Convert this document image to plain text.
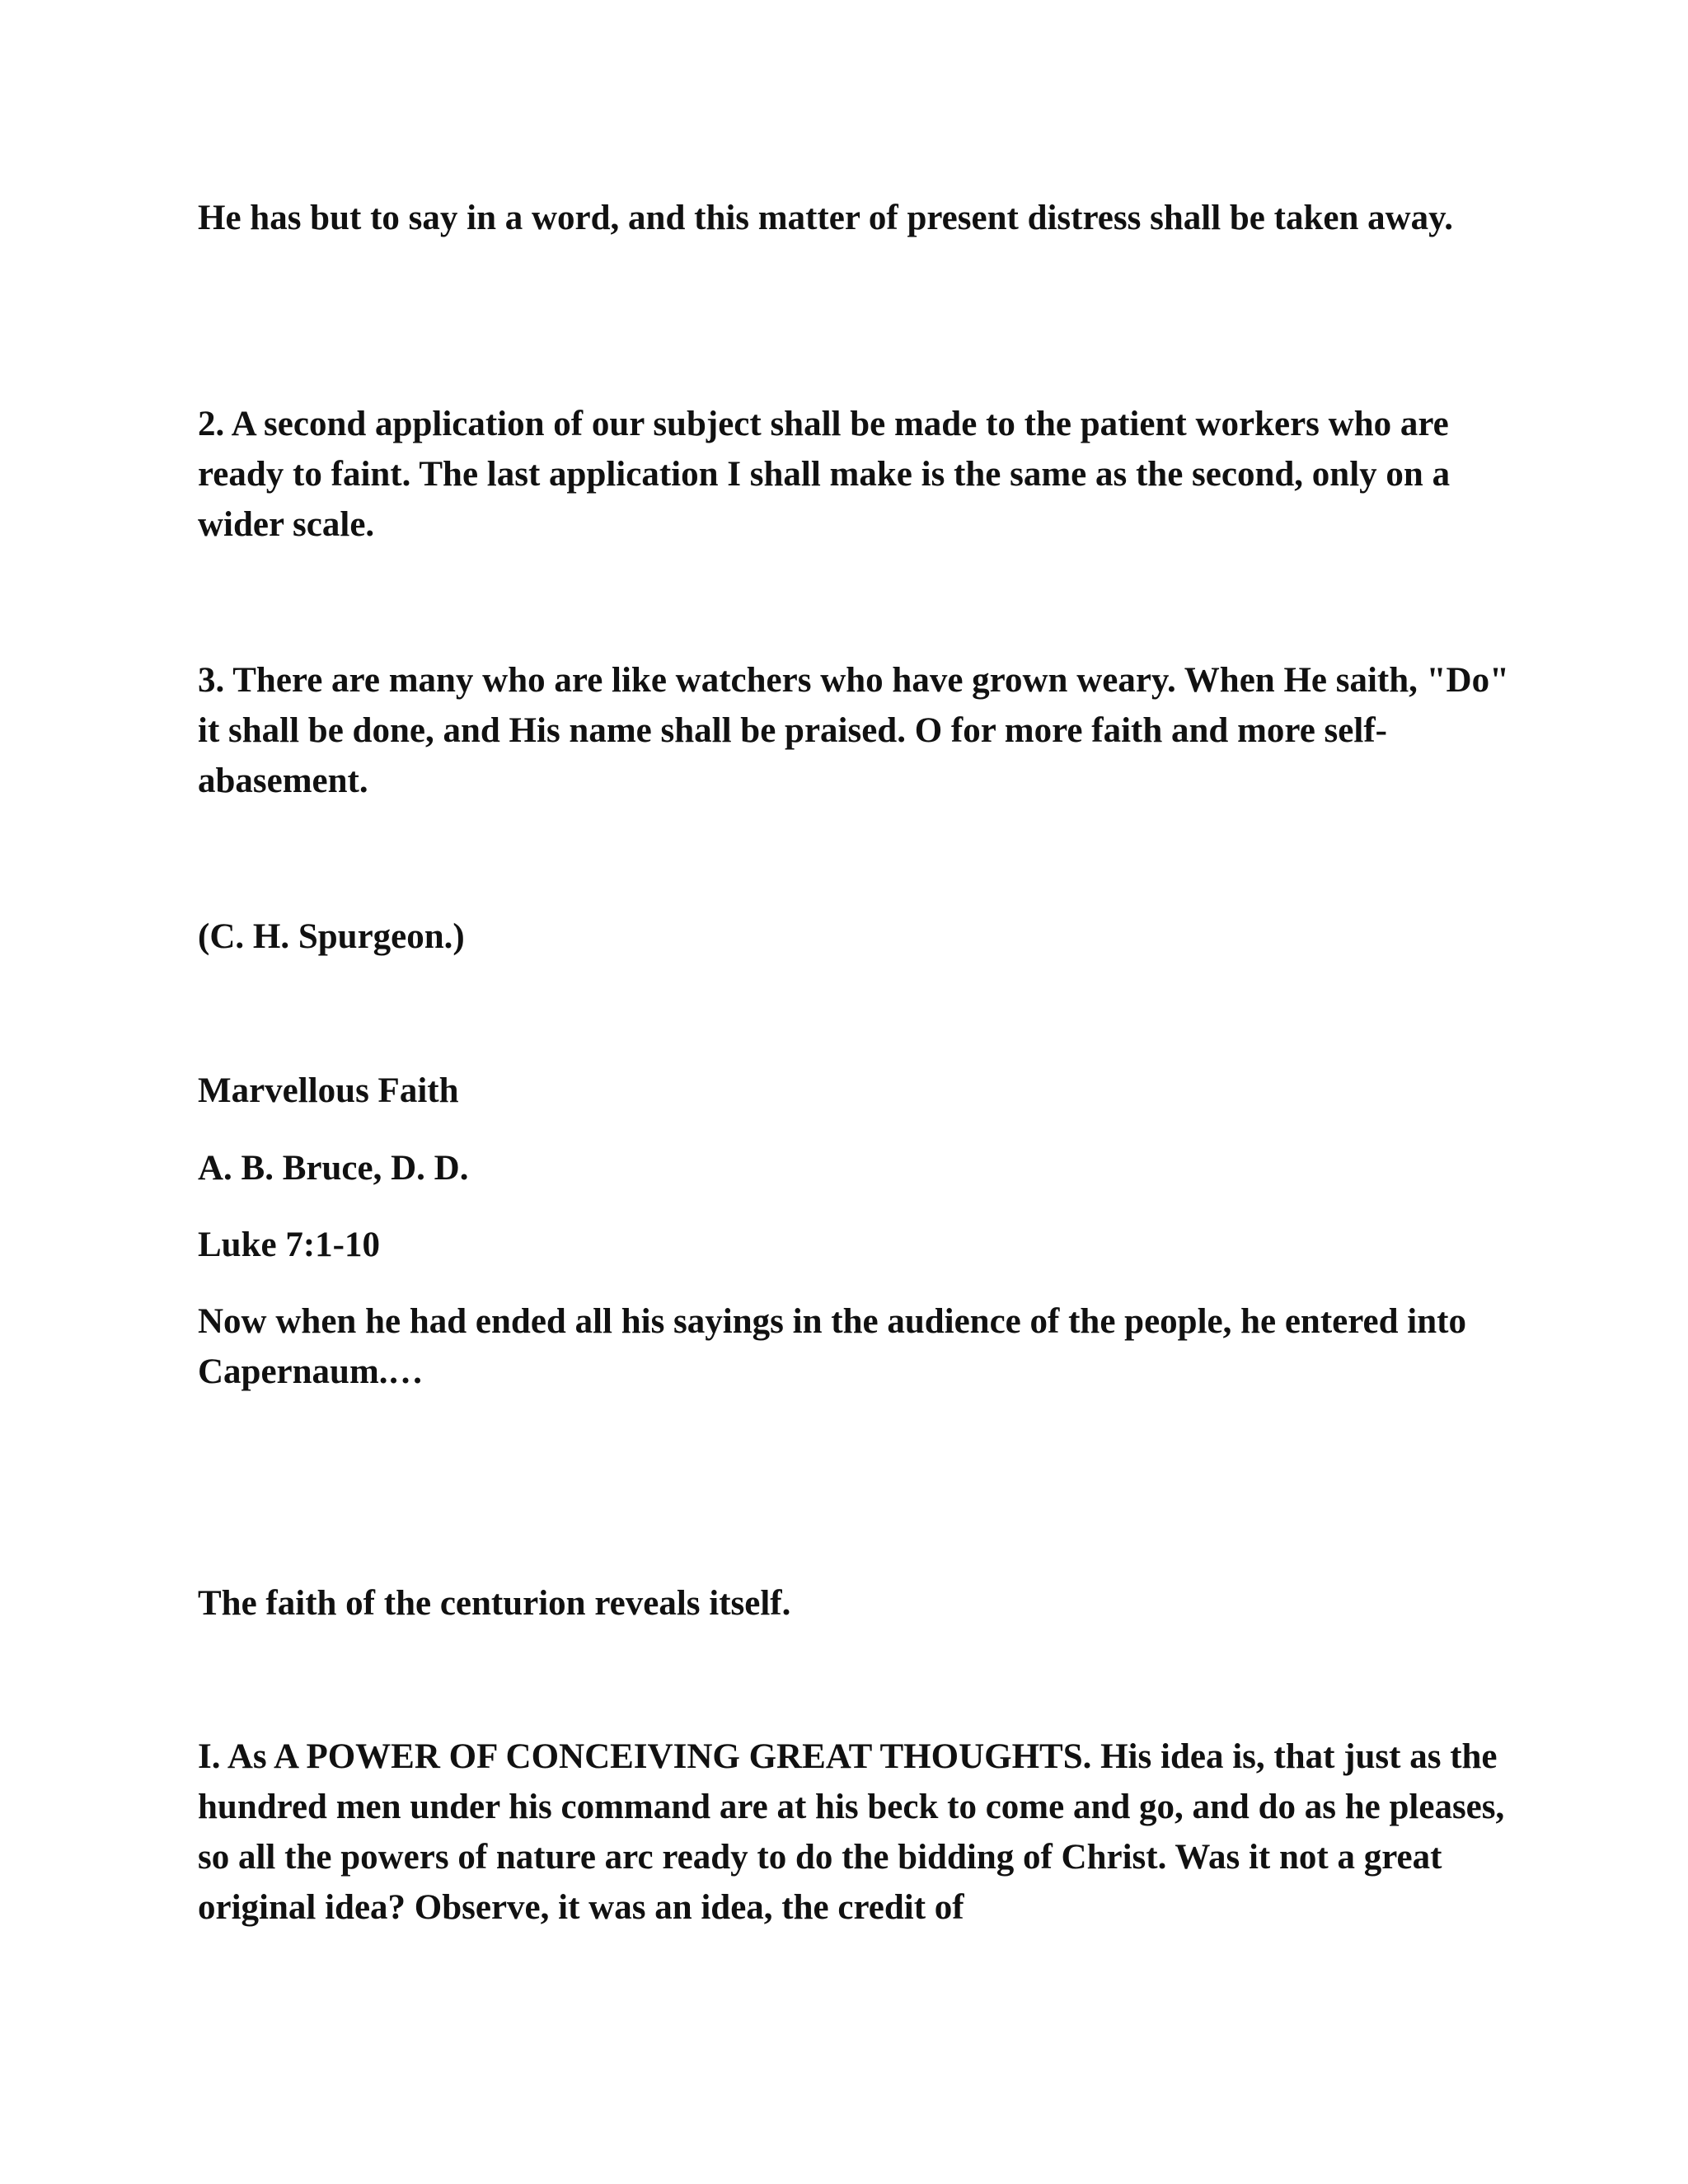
He has but to say in a word, and this matter of present distress shall be taken away.

2. A second application of our subject shall be made to the patient workers who are ready to faint. The last application I shall make is the same as the second, only on a wider scale.

3. There are many who are like watchers who have grown weary. When He saith, "Do" it shall be done, and His name shall be praised. O for more faith and more self-abasement.

(C. H. Spurgeon.)

Marvellous Faith

A. B. Bruce, D. D.

Luke 7:1-10

Now when he had ended all his sayings in the audience of the people, he entered into Capernaum.…

The faith of the centurion reveals itself.

I. As A POWER OF CONCEIVING GREAT THOUGHTS. His idea is, that just as the hundred men under his command are at his beck to come and go, and do as he pleases, so all the powers of nature arc ready to do the bidding of Christ. Was it not a great original idea? Observe, it was an idea, the credit of
